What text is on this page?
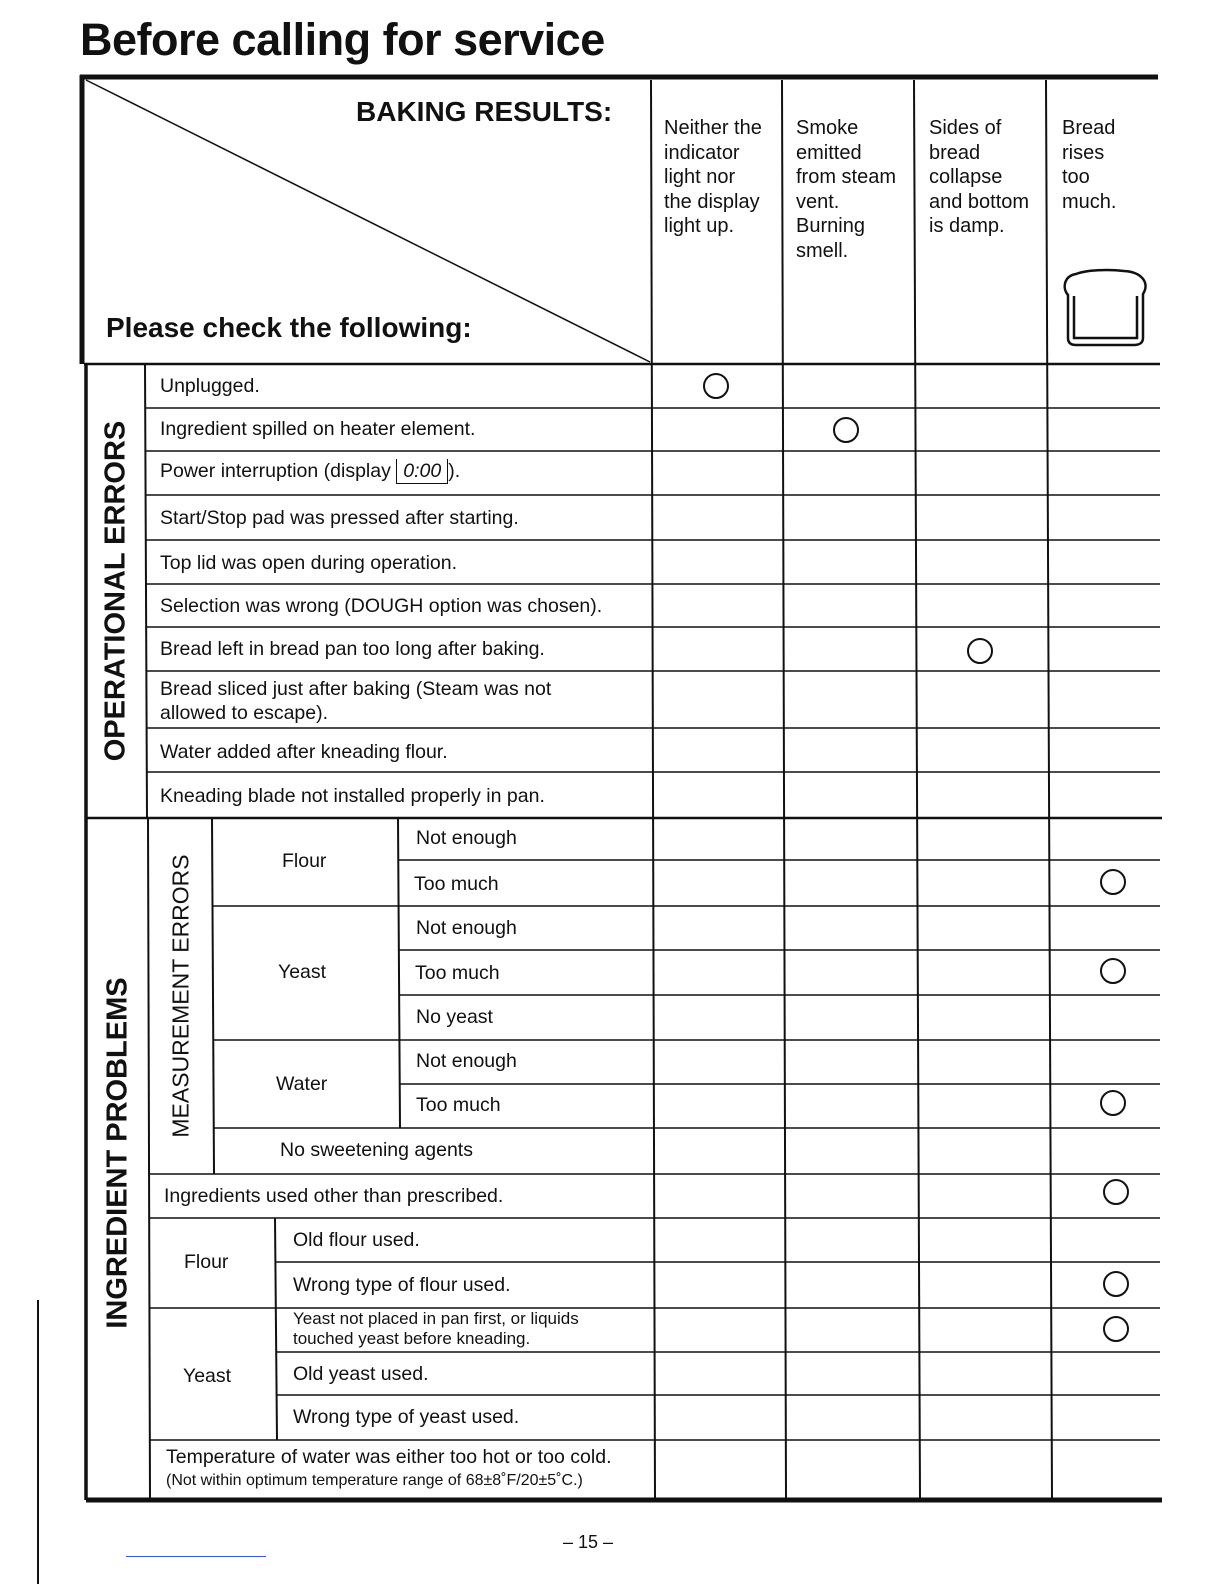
Before calling for service
BAKING RESULTS:
Please check the following:
Neither the
indicator
light nor
the display
light up.
Smoke
emitted
from steam
vent.
Burning
smell.
Sides of
bread
collapse
and bottom
is damp.
Bread
rises
too
much.
OPERATIONAL ERRORS
INGREDIENT PROBLEMS MEASUREMENT ERRORS
Unplugged.
Ingredient spilled on heater element.
Power interruption (display 0:00 ).
Start/Stop pad was pressed after starting.
Top lid was open during operation.
Selection was wrong (DOUGH option was chosen).
Bread left in bread pan too long after baking.
Bread sliced just after baking (Steam was not
allowed to escape).
Water added after kneading flour.
Kneading blade not installed properly in pan.
Flour
Not enough
Too much
Yeast
Not enough
Too much
No yeast
Water
Not enough
Too much
No sweetening agents
Ingredients used other than prescribed.
Flour
Old flour used.
Wrong type of flour used.
Yeast
Yeast not placed in pan first, or liquids
touched yeast before kneading.
Old yeast used.
Wrong type of yeast used.
Temperature of water was either too hot or too cold.
(Not within optimum temperature range of 68±8˚F/20±5˚C.)
– 15 –
